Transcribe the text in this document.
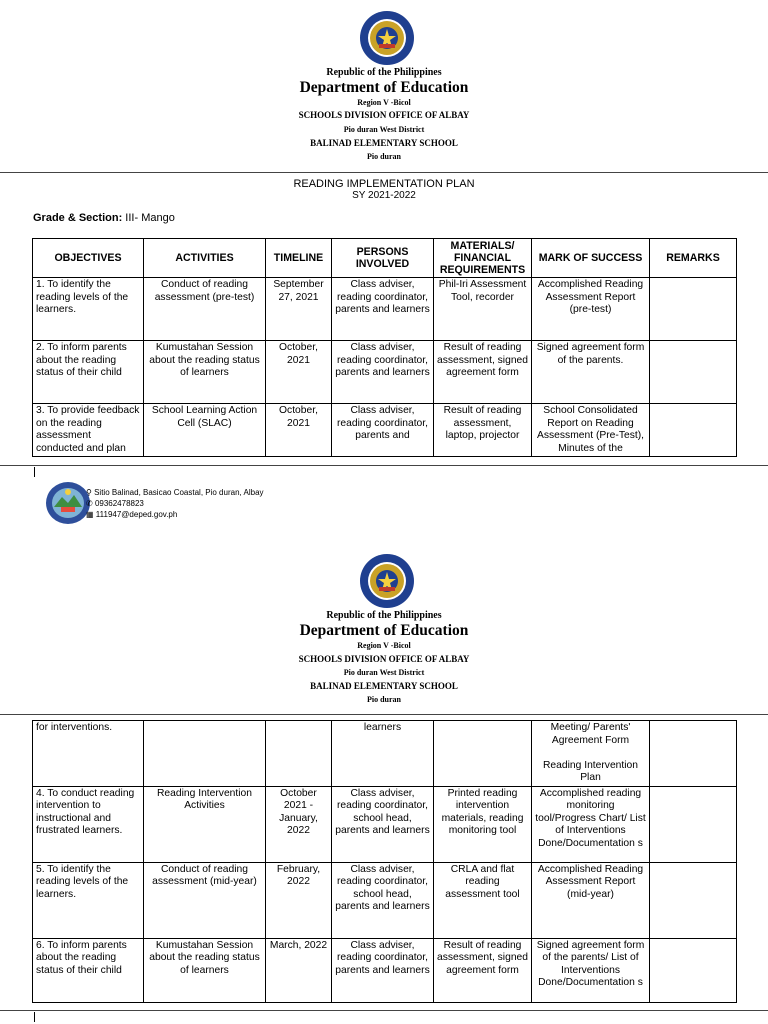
Republic of the Philippines
Department of Education
Region V -Bicol
SCHOOLS DIVISION OFFICE OF ALBAY
Pio duran West District
BALINAD ELEMENTARY SCHOOL
Pio duran
READING IMPLEMENTATION PLAN
SY 2021-2022
Grade & Section: III- Mango
OBJECTIVES	ACTIVITIES	TIMELINE	PERSONS INVOLVED	MATERIALS/ FINANCIAL REQUIREMENTS	MARK OF SUCCESS	REMARKS
1. To identify the reading levels of the learners.	Conduct of reading assessment (pre-test)	September 27, 2021	Class adviser, reading coordinator, parents and learners	Phil-Iri Assessment Tool, recorder	Accomplished Reading Assessment Report (pre-test)	
2. To inform parents about the reading status of their child	Kumustahan Session about the reading status of learners	October, 2021	Class adviser, reading coordinator, parents and learners	Result of reading assessment, signed agreement form	Signed agreement form of the parents.	
3. To provide feedback on the reading assessment conducted and plan	School Learning Action Cell (SLAC)	October, 2021	Class adviser, reading coordinator, parents and	Result of reading assessment, laptop, projector	School Consolidated Report on Reading Assessment (Pre-Test), Minutes of the	
⚲ Sitio Balinad, Basicao Coastal, Pio duran, Albay
✆ 09362478823
▦ 111947@deped.gov.ph
Republic of the Philippines
Department of Education
Region V -Bicol
SCHOOLS DIVISION OFFICE OF ALBAY
Pio duran West District
BALINAD ELEMENTARY SCHOOL
Pio duran
for interventions.			learners		Meeting/ Parents' Agreement Form

Reading Intervention Plan	
4. To conduct reading intervention to instructional and frustrated learners.	Reading Intervention Activities	October 2021 - January, 2022	Class adviser, reading coordinator, school head, parents and learners	Printed reading intervention materials, reading monitoring tool	Accomplished reading monitoring tool/Progress Chart/ List of Interventions Done/Documentation s	
5. To identify the reading levels of the learners.	Conduct of reading assessment (mid-year)	February, 2022	Class adviser, reading coordinator, school head, parents and learners	CRLA and flat reading assessment tool	Accomplished Reading Assessment Report (mid-year)	
6. To inform parents about the reading status of their child	Kumustahan Session about the reading status of learners	March, 2022	Class adviser, reading coordinator, parents and learners	Result of reading assessment, signed agreement form	Signed agreement form of the parents/ List of Interventions Done/Documentation s	
